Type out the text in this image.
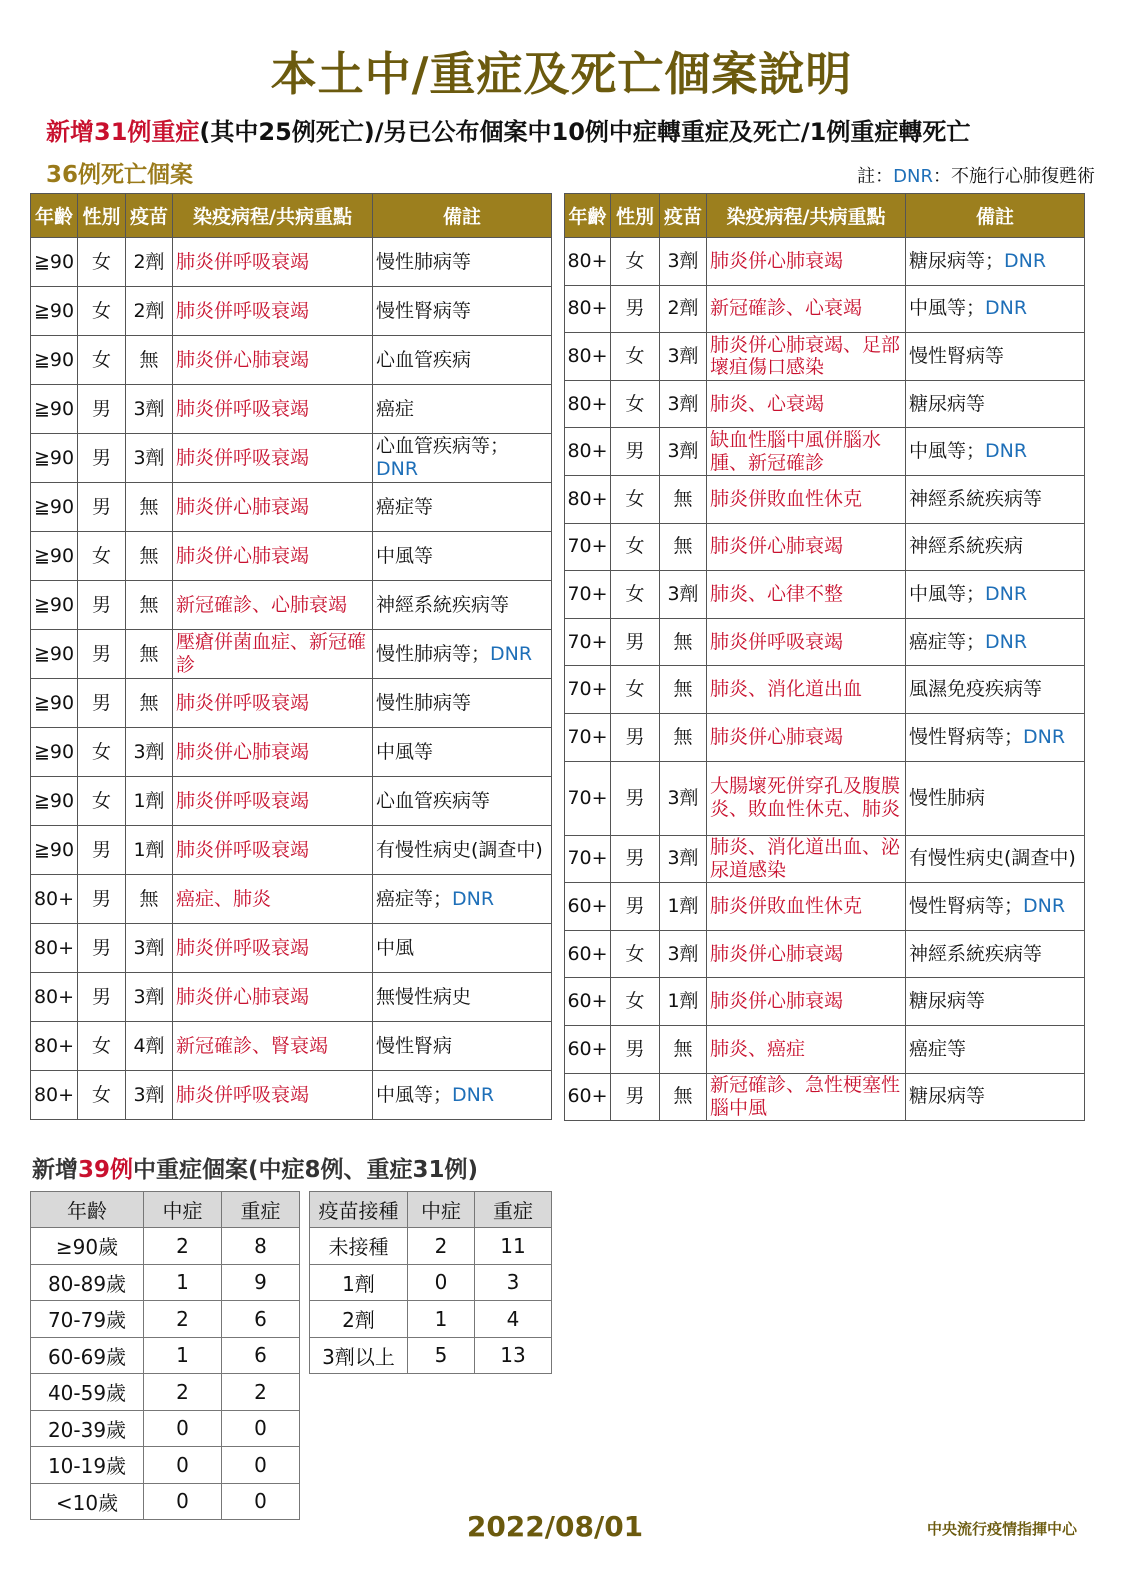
本土中/重症及死亡個案說明
新增31例重症(其中25例死亡)/另已公布個案中10例中症轉重症及死亡/1例重症轉死亡
36例死亡個案	註：DNR：不施行心肺復甦術
年齡	性別	疫苗	染疫病程/共病重點	備註
≧90	女	2劑	肺炎併呼吸衰竭	慢性肺病等
≧90	女	2劑	肺炎併呼吸衰竭	慢性腎病等
≧90	女	無	肺炎併心肺衰竭	心血管疾病
≧90	男	3劑	肺炎併呼吸衰竭	癌症
≧90	男	3劑	肺炎併呼吸衰竭	心血管疾病等；DNR
≧90	男	無	肺炎併心肺衰竭	癌症等
≧90	女	無	肺炎併心肺衰竭	中風等
≧90	男	無	新冠確診、心肺衰竭	神經系統疾病等
≧90	男	無	壓瘡併菌血症、新冠確診	慢性肺病等；DNR
≧90	男	無	肺炎併呼吸衰竭	慢性肺病等
≧90	女	3劑	肺炎併心肺衰竭	中風等
≧90	女	1劑	肺炎併呼吸衰竭	心血管疾病等
≧90	男	1劑	肺炎併呼吸衰竭	有慢性病史(調查中)
80+	男	無	癌症、肺炎	癌症等；DNR
80+	男	3劑	肺炎併呼吸衰竭	中風
80+	男	3劑	肺炎併心肺衰竭	無慢性病史
80+	女	4劑	新冠確診、腎衰竭	慢性腎病
80+	女	3劑	肺炎併呼吸衰竭	中風等；DNR
年齡	性別	疫苗	染疫病程/共病重點	備註
80+	女	3劑	肺炎併心肺衰竭	糖尿病等；DNR
80+	男	2劑	新冠確診、心衰竭	中風等；DNR
80+	女	3劑	肺炎併心肺衰竭、足部壞疽傷口感染	慢性腎病等
80+	女	3劑	肺炎、心衰竭	糖尿病等
80+	男	3劑	缺血性腦中風併腦水腫、新冠確診	中風等；DNR
80+	女	無	肺炎併敗血性休克	神經系統疾病等
70+	女	無	肺炎併心肺衰竭	神經系統疾病
70+	女	3劑	肺炎、心律不整	中風等；DNR
70+	男	無	肺炎併呼吸衰竭	癌症等；DNR
70+	女	無	肺炎、消化道出血	風濕免疫疾病等
70+	男	無	肺炎併心肺衰竭	慢性腎病等；DNR
70+	男	3劑	大腸壞死併穿孔及腹膜炎、敗血性休克、肺炎	慢性肺病
70+	男	3劑	肺炎、消化道出血、泌尿道感染	有慢性病史(調查中)
60+	男	1劑	肺炎併敗血性休克	慢性腎病等；DNR
60+	女	3劑	肺炎併心肺衰竭	神經系統疾病等
60+	女	1劑	肺炎併心肺衰竭	糖尿病等
60+	男	無	肺炎、癌症	癌症等
60+	男	無	新冠確診、急性梗塞性腦中風	糖尿病等
新增39例中重症個案(中症8例、重症31例)
年齡	中症	重症
≥90歲	2	8
80-89歲	1	9
70-79歲	2	6
60-69歲	1	6
40-59歲	2	2
20-39歲	0	0
10-19歲	0	0
<10歲	0	0
疫苗接種	中症	重症
未接種	2	11
1劑	0	3
2劑	1	4
3劑以上	5	13
2022/08/01	中央流行疫情指揮中心
